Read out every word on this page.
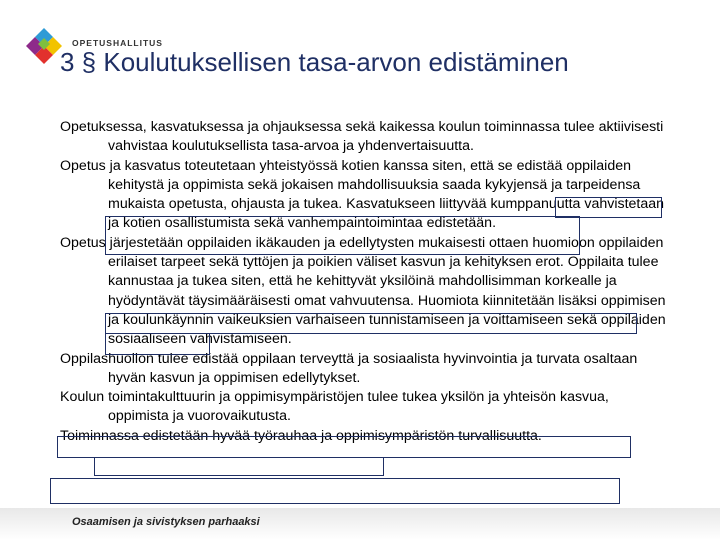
OPETUSHALLITUS
3 § Koulutuksellisen tasa-arvon edistäminen

Opetuksessa, kasvatuksessa ja ohjauksessa sekä kaikessa koulun toiminnassa tulee aktiivisesti vahvistaa koulutuksellista tasa-arvoa ja yhdenvertaisuutta.

Opetus ja kasvatus toteutetaan yhteistyössä kotien kanssa siten, että se edistää oppilaiden kehitystä ja oppimista sekä jokaisen mahdollisuuksia saada kykyjensä ja tarpeidensa mukaista opetusta, ohjausta ja tukea. Kasvatukseen liittyvää kumppanuutta vahvistetaan ja kotien osallistumista sekä vanhempaintoimintaa edistetään.

Opetus järjestetään oppilaiden ikäkauden ja edellytysten mukaisesti ottaen huomioon oppilaiden erilaiset tarpeet sekä tyttöjen ja poikien väliset kasvun ja kehityksen erot. Oppilaita tulee kannustaa ja tukea siten, että he kehittyvät yksilöinä mahdollisimman korkealle ja hyödyntävät täysimääräisesti omat vahvuutensa. Huomiota kiinnitetään lisäksi oppimisen ja koulunkäynnin vaikeuksien varhaiseen tunnistamiseen ja voittamiseen sekä oppilaiden sosiaaliseen vahvistamiseen.

Oppilashuollon tulee edistää oppilaan terveyttä ja sosiaalista hyvinvointia ja turvata osaltaan hyvän kasvun ja oppimisen edellytykset.

Koulun toimintakulttuurin ja oppimisympäristöjen tulee tukea yksilön ja yhteisön kasvua, oppimista ja vuorovaikutusta.

Toiminnassa edistetään hyvää työrauhaa ja oppimisympäristön turvallisuutta.

Osaamisen ja sivistyksen parhaaksi
